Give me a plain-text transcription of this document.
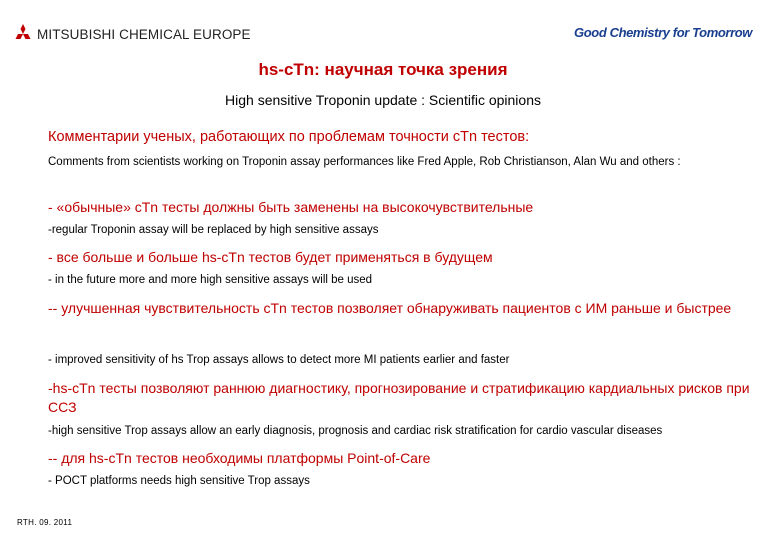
MITSUBISHI CHEMICAL EUROPE	Good Chemistry for Tomorrow
hs-cTn: научная точка зрения
High sensitive Troponin update : Scientific opinions
Комментарии ученых, работающих по проблемам точности cTn тестов:
Comments from scientists working on Troponin assay performances like Fred Apple, Rob Christianson, Alan Wu and others :
- «обычные» cTn тесты должны быть заменены на высокочувствительные
-regular Troponin assay will be replaced by high sensitive assays
- все больше и больше hs-cTn тестов будет применяться в будущем
- in the future more and more high sensitive assays will be used
-- улучшенная чувствительность cTn тестов позволяет обнаруживать пациентов с ИМ раньше и быстрее
- improved sensitivity of hs Trop assays allows to detect more MI patients earlier and faster
-hs-cTn тесты позволяют раннюю диагностику, прогнозирование и стратификацию кардиальных рисков при ССЗ
-high sensitive Trop assays allow an early diagnosis, prognosis and cardiac risk stratification for cardio vascular diseases
-- для hs-cTn тестов необходимы платформы Point-of-Care
- POCT platforms needs high sensitive Trop assays
RTH. 09. 2011
